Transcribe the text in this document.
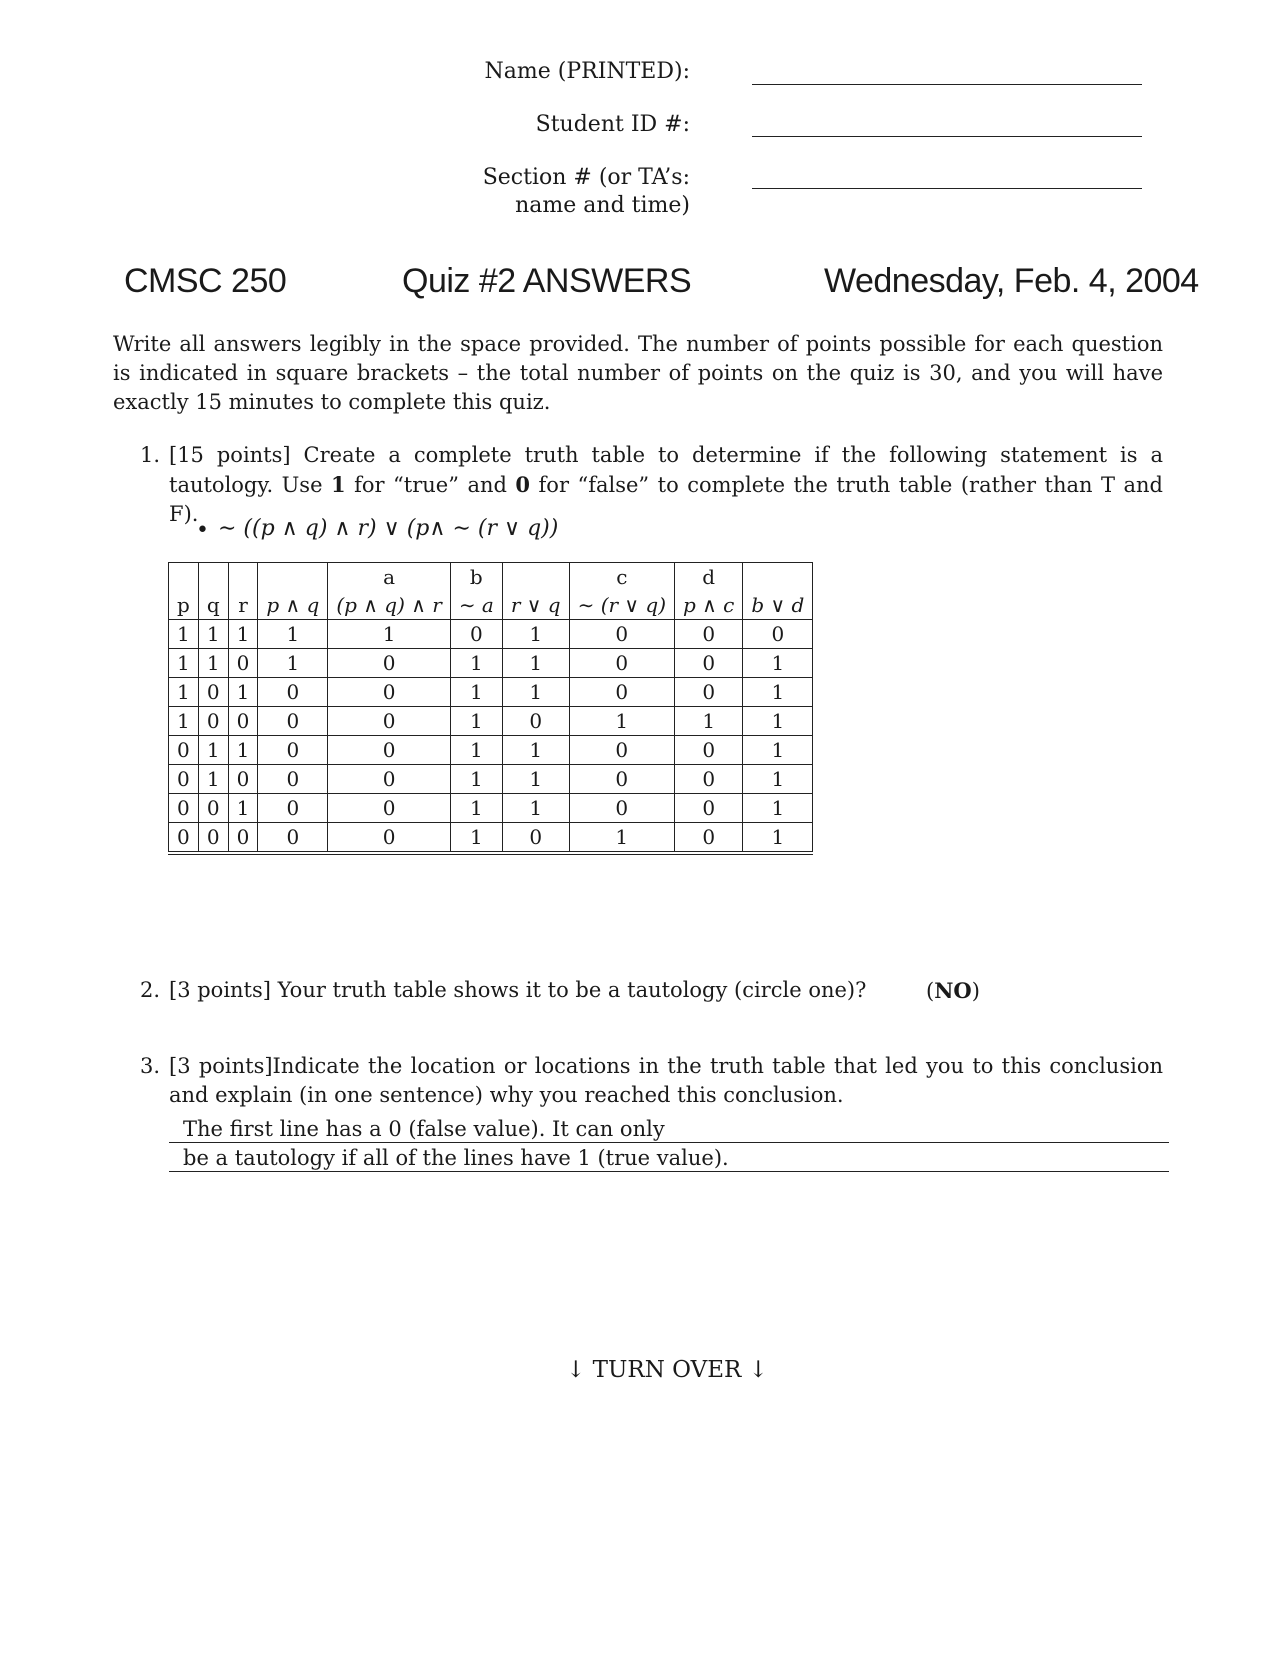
Name (PRINTED):
Student ID #:
Section # (or TA’s:
name and time)
CMSC 250	Quiz #2 ANSWERS	Wednesday, Feb. 4, 2004
Write all answers legibly in the space provided. The number of points possible for each question is indicated in square brackets – the total number of points on the quiz is 30, and you will have exactly 15 minutes to complete this quiz.
1. [15 points] Create a complete truth table to determine if the following statement is a tautology. Use 1 for “true” and 0 for “false” to complete the truth table (rather than T and F).
• ∼ ((p ∧ q) ∧ r) ∨ (p∧ ∼ (r ∨ q))
				a	b		c	d	
p	q	r	p ∧ q	(p ∧ q) ∧ r	∼ a	r ∨ q	∼ (r ∨ q)	p ∧ c	b ∨ d
1	1	1	1	1	0	1	0	0	0
1	1	0	1	0	1	1	0	0	1
1	0	1	0	0	1	1	0	0	1
1	0	0	0	0	1	0	1	1	1
0	1	1	0	0	1	1	0	0	1
0	1	0	0	0	1	1	0	0	1
0	0	1	0	0	1	1	0	0	1
0	0	0	0	0	1	0	1	0	1
2. [3 points] Your truth table shows it to be a tautology (circle one)?	(NO)
3. [3 points]Indicate the location or locations in the truth table that led you to this conclusion and explain (in one sentence) why you reached this conclusion.
The first line has a 0 (false value). It can only
be a tautology if all of the lines have 1 (true value).
↓ TURN OVER ↓
